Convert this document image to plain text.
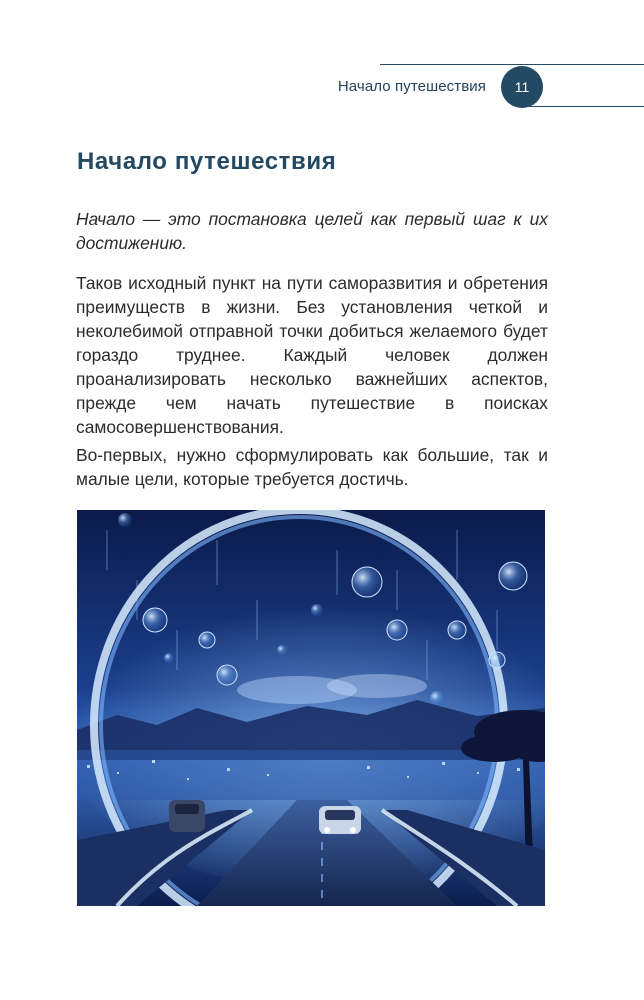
Начало путешествия	11
Начало путешествия

Начало — это постановка целей как первый шаг к их достижению.

Таков исходный пункт на пути саморазвития и обретения преимуществ в жизни. Без установления четкой и неколебимой отправной точки добиться желаемого будет гораздо труднее. Каждый человек должен проанализировать несколько важнейших аспектов, прежде чем начать путешествие в поисках самосовершенствования.

Во-первых, нужно сформулировать как большие, так и малые цели, которые требуется достичь.
